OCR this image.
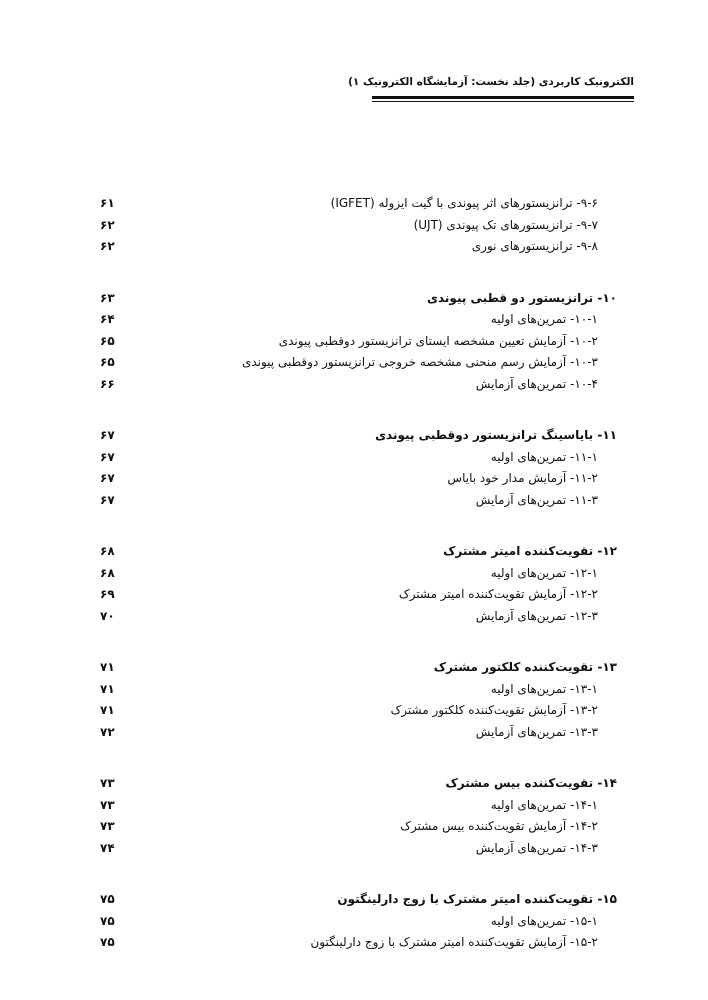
الکترونیک کاربردی (جلد نخست: آزمایشگاه الکترونیک ۱)
۹-۶- ترانزیستورهای اثر پیوندی با گیت ایزوله (IGFET)
۶۱
۹-۷- ترانزیستورهای تک پیوندی (UJT)
۶۲
۹-۸- ترانزیستورهای نوری
۶۲
۱۰- ترانزیستور دو قطبی پیوندی
۶۳
۱۰-۱- تمرین‌های اولیه
۶۴
۱۰-۲- آزمایش تعیین مشخصه ایستای ترانزیستور دوقطبی پیوندی
۶۵
۱۰-۳- آزمایش رسم منحنی مشخصه خروجی ترانزیستور دوقطبی پیوندی
۶۵
۱۰-۴- تمرین‌های آزمایش
۶۶
۱۱- بایاسینگ ترانزیستور دوقطبی پیوندی
۶۷
۱۱-۱- تمرین‌های اولیه
۶۷
۱۱-۲- آزمایش مدار خود بایاس
۶۷
۱۱-۳- تمرین‌های آزمایش
۶۷
۱۲- تقویت‌کننده امیتر مشترک
۶۸
۱۲-۱- تمرین‌های اولیه
۶۸
۱۲-۲- آزمایش تقویت‌کننده امیتر مشترک
۶۹
۱۲-۳- تمرین‌های آزمایش
۷۰
۱۳- تقویت‌کننده کلکتور مشترک
۷۱
۱۳-۱- تمرین‌های اولیه
۷۱
۱۳-۲- آزمایش تقویت‌کننده کلکتور مشترک
۷۱
۱۳-۳- تمرین‌های آزمایش
۷۲
۱۴- تقویت‌کننده بیس مشترک
۷۳
۱۴-۱- تمرین‌های اولیه
۷۳
۱۴-۲- آزمایش تقویت‌کننده بیس مشترک
۷۳
۱۴-۳- تمرین‌های آزمایش
۷۴
۱۵- تقویت‌کننده امیتر مشترک با زوج دارلینگتون
۷۵
۱۵-۱- تمرین‌های اولیه
۷۵
۱۵-۲- آزمایش تقویت‌کننده امیتر مشترک با زوج دارلینگتون
۷۵
